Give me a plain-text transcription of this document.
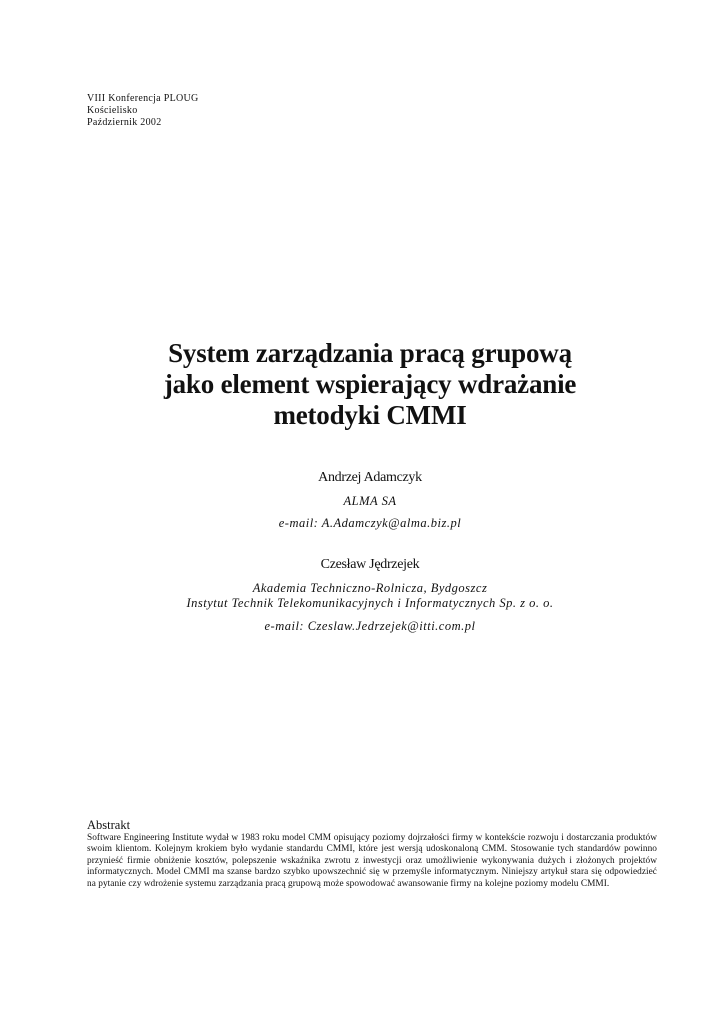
VIII Konferencja PLOUG
Kościelisko
Październik 2002
System zarządzania pracą grupową
jako element wspierający wdrażanie
metodyki CMMI
Andrzej Adamczyk
ALMA SA
e-mail: A.Adamczyk@alma.biz.pl
Czesław Jędrzejek
Akademia Techniczno-Rolnicza, Bydgoszcz
Instytut Technik Telekomunikacyjnych i Informatycznych Sp. z o. o.
e-mail: Czeslaw.Jedrzejek@itti.com.pl
Abstrakt
Software Engineering Institute wydał w 1983 roku model CMM opisujący poziomy dojrzałości firmy w kontekście rozwoju i dostarczania produktów swoim klientom. Kolejnym krokiem było wydanie standardu CMMI, które jest wersją udoskonaloną CMM. Stosowanie tych standardów powinno przynieść firmie obniżenie kosztów, polepszenie wskaźnika zwrotu z inwestycji oraz umożliwienie wykonywania dużych i złożonych projektów informatycznych. Model CMMI ma szanse bardzo szybko upowszechnić się w przemyśle informatycznym. Niniejszy artykuł stara się odpowiedzieć na pytanie czy wdrożenie systemu zarządzania pracą grupową może spowodować awansowanie firmy na kolejne poziomy modelu CMMI.
